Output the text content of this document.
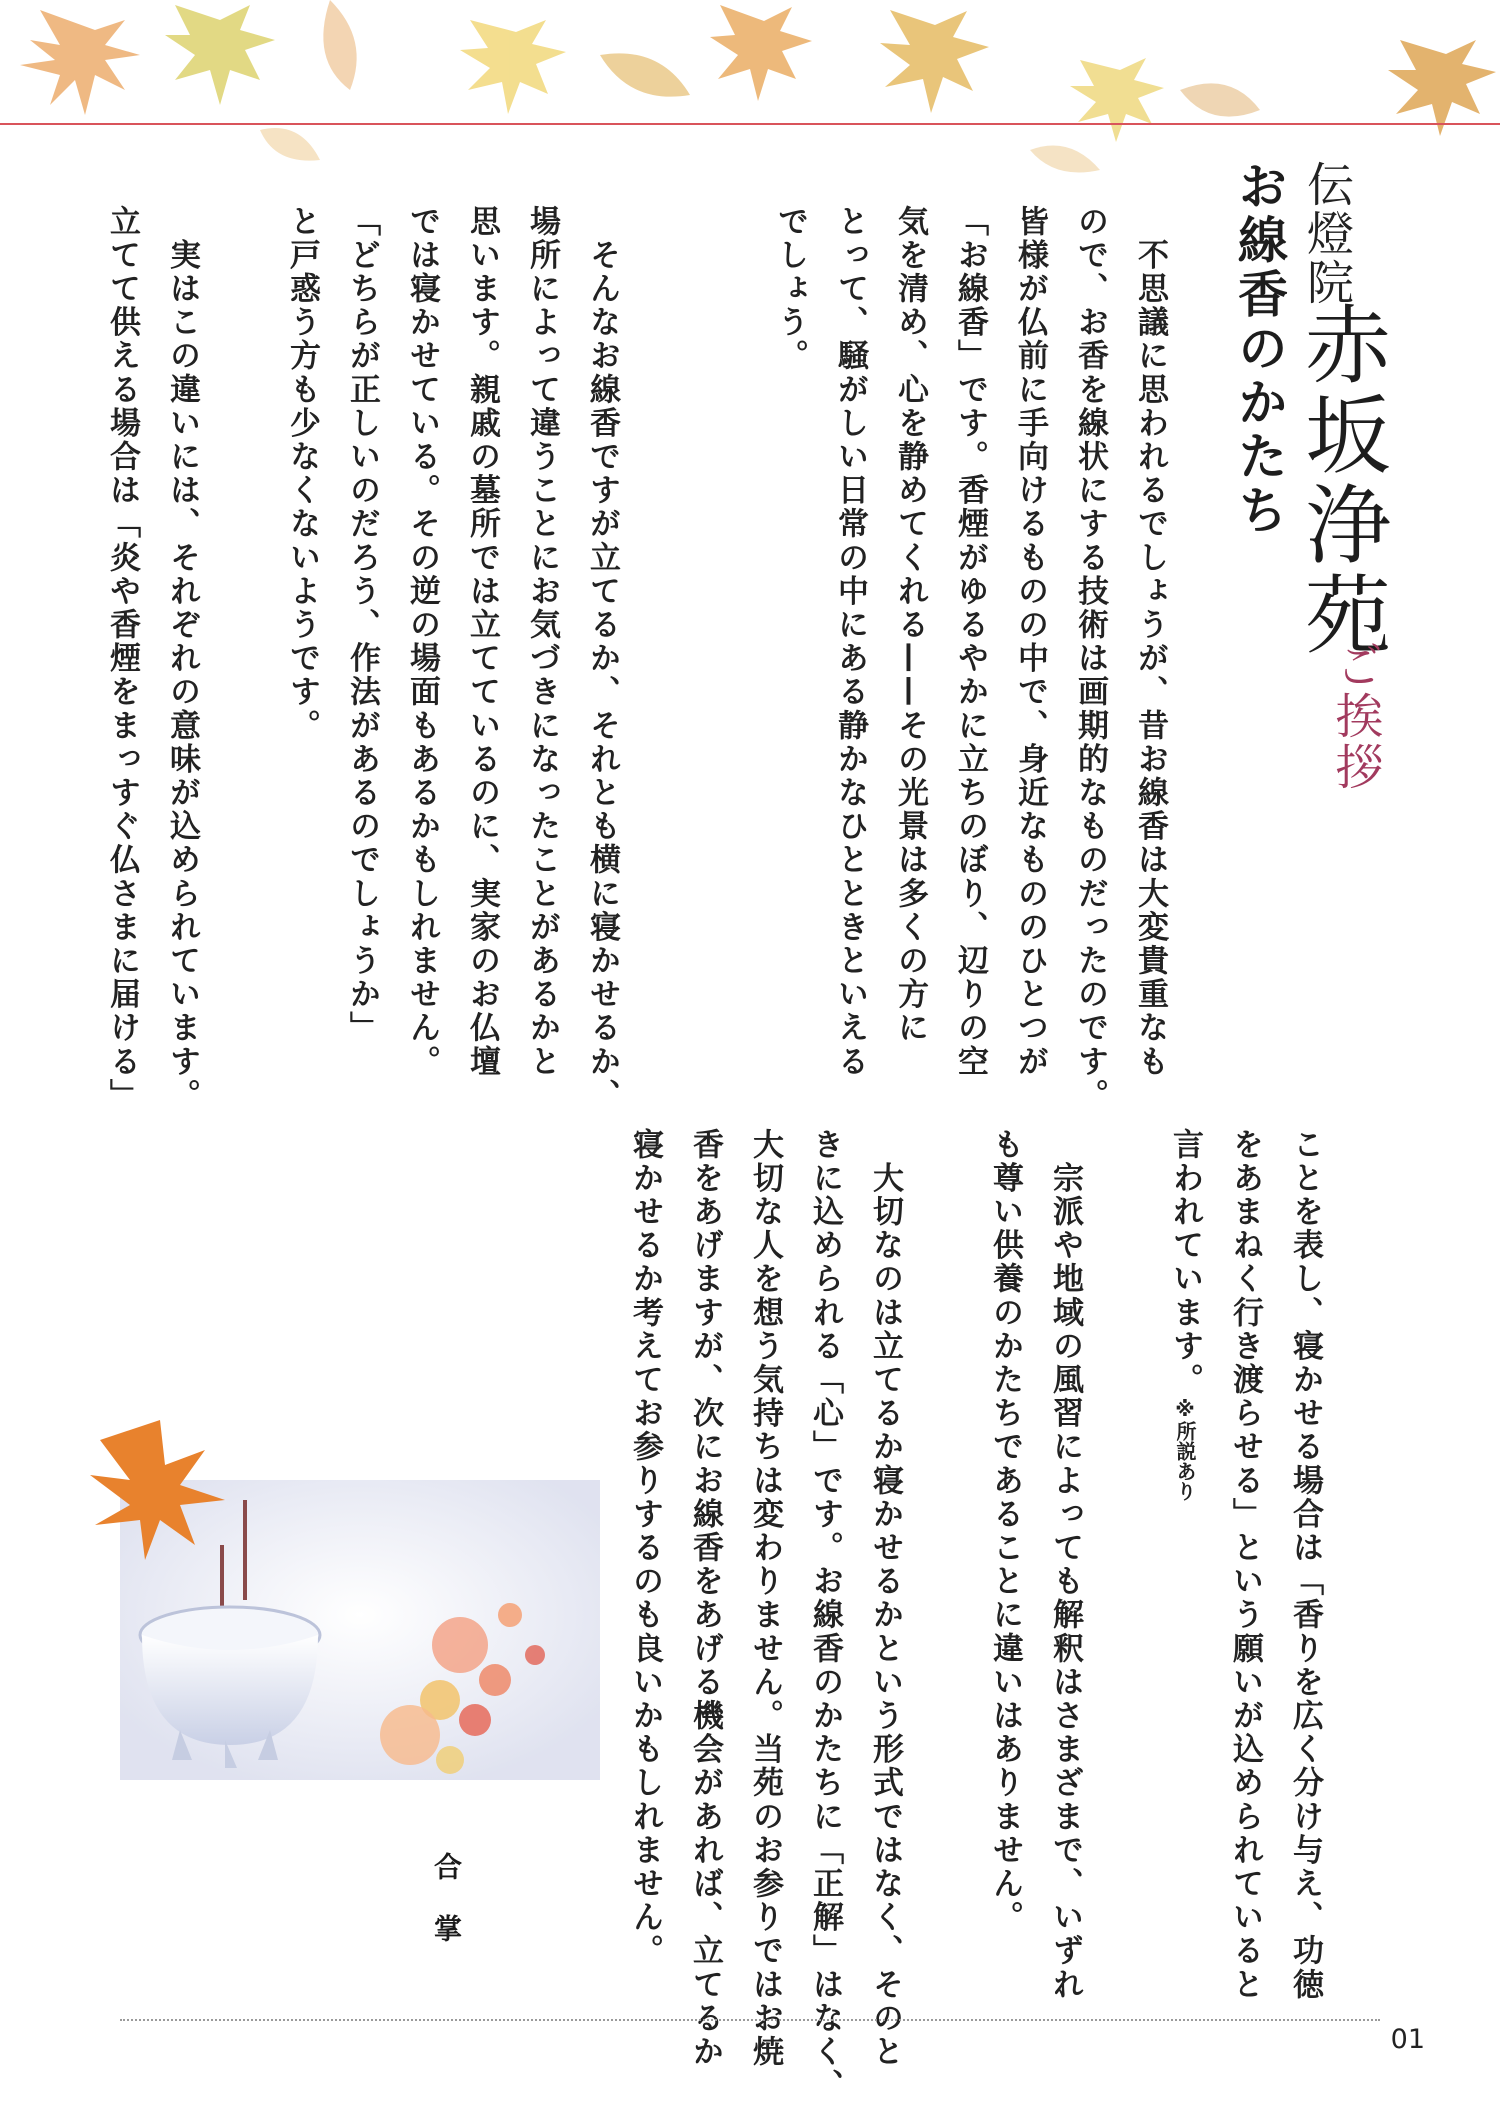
伝燈院
赤坂浄苑
お線香のかたち
ご挨拶
　不思議に思われるでしょうが、昔お線香は大変貴重なも
ので、お香を線状にする技術は画期的なものだったのです。
皆様が仏前に手向けるものの中で、身近なもののひとつが
「お線香」です。香煙がゆるやかに立ちのぼり、辺りの空
気を清め、心を静めてくれる——その光景は多くの方に
とって、騒がしい日常の中にある静かなひとときといえる
でしょう。
　そんなお線香ですが立てるか、それとも横に寝かせるか、
場所によって違うことにお気づきになったことがあるかと
思います。親戚の墓所では立てているのに、実家のお仏壇
では寝かせている。その逆の場面もあるかもしれません。
「どちらが正しいのだろう、作法があるのでしょうか」
と戸惑う方も少なくないようです。

　実はこの違いには、それぞれの意味が込められています。
立てて供える場合は「炎や香煙をまっすぐ仏さまに届ける」
ことを表し、寝かせる場合は「香りを広く分け与え、功徳
をあまねく行き渡らせる」という願いが込められていると
言われています。※所説あり

　宗派や地域の風習によっても解釈はさまざまで、いずれ
も尊い供養のかたちであることに違いはありません。

　大切なのは立てるか寝かせるかという形式ではなく、そのと
きに込められる「心」です。お線香のかたちに「正解」はなく、
大切な人を想う気持ちは変わりません。当苑のお参りではお焼
香をあげますが、次にお線香をあげる機会があれば、立てるか
寝かせるか考えてお参りするのも良いかもしれません。
合掌
01
